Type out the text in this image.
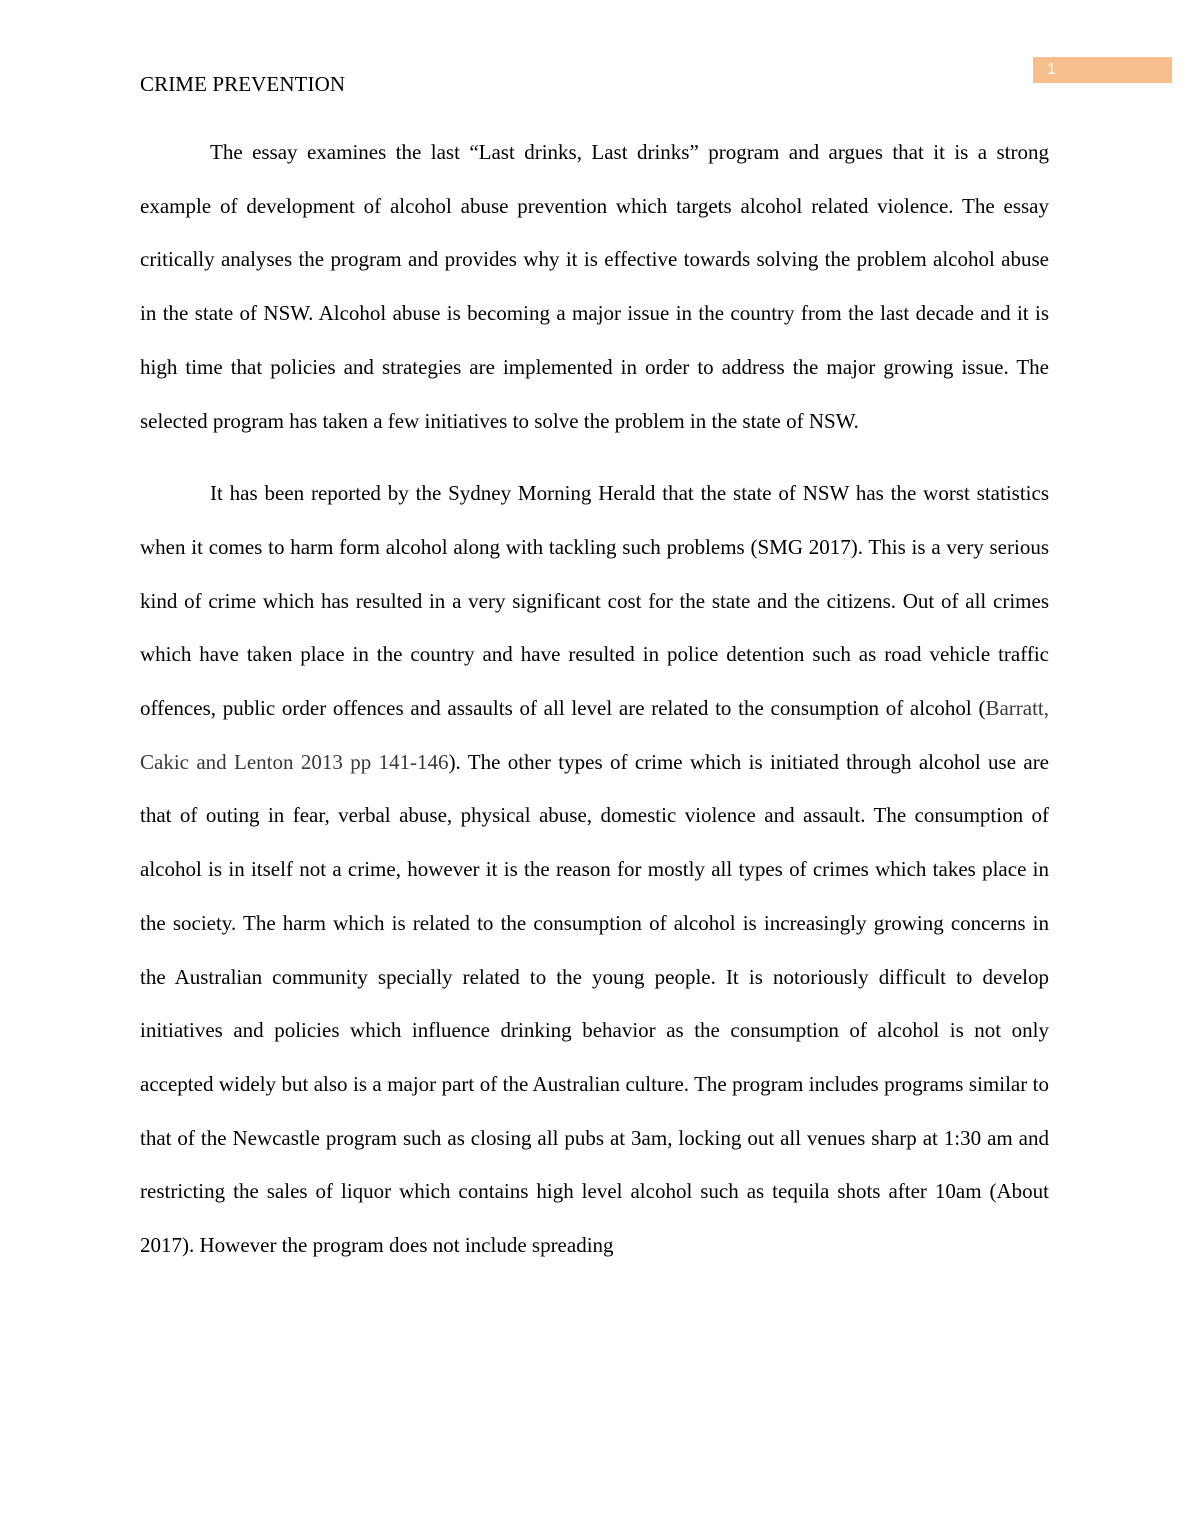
1
CRIME PREVENTION

The essay examines the last “Last drinks, Last drinks” program and argues that it is a strong example of development of alcohol abuse prevention which targets alcohol related violence. The essay critically analyses the program and provides why it is effective towards solving the problem alcohol abuse in the state of NSW. Alcohol abuse is becoming a major issue in the country from the last decade and it is high time that policies and strategies are implemented in order to address the major growing issue. The selected program has taken a few initiatives to solve the problem in the state of NSW.

It has been reported by the Sydney Morning Herald that the state of NSW has the worst statistics when it comes to harm form alcohol along with tackling such problems (SMG 2017). This is a very serious kind of crime which has resulted in a very significant cost for the state and the citizens. Out of all crimes which have taken place in the country and have resulted in police detention such as road vehicle traffic offences, public order offences and assaults of all level are related to the consumption of alcohol (Barratt, Cakic and Lenton 2013 pp 141-146). The other types of crime which is initiated through alcohol use are that of outing in fear, verbal abuse, physical abuse, domestic violence and assault. The consumption of alcohol is in itself not a crime, however it is the reason for mostly all types of crimes which takes place in the society. The harm which is related to the consumption of alcohol is increasingly growing concerns in the Australian community specially related to the young people. It is notoriously difficult to develop initiatives and policies which influence drinking behavior as the consumption of alcohol is not only accepted widely but also is a major part of the Australian culture. The program includes programs similar to that of the Newcastle program such as closing all pubs at 3am, locking out all venues sharp at 1:30 am and restricting the sales of liquor which contains high level alcohol such as tequila shots after 10am (About 2017). However the program does not include spreading
